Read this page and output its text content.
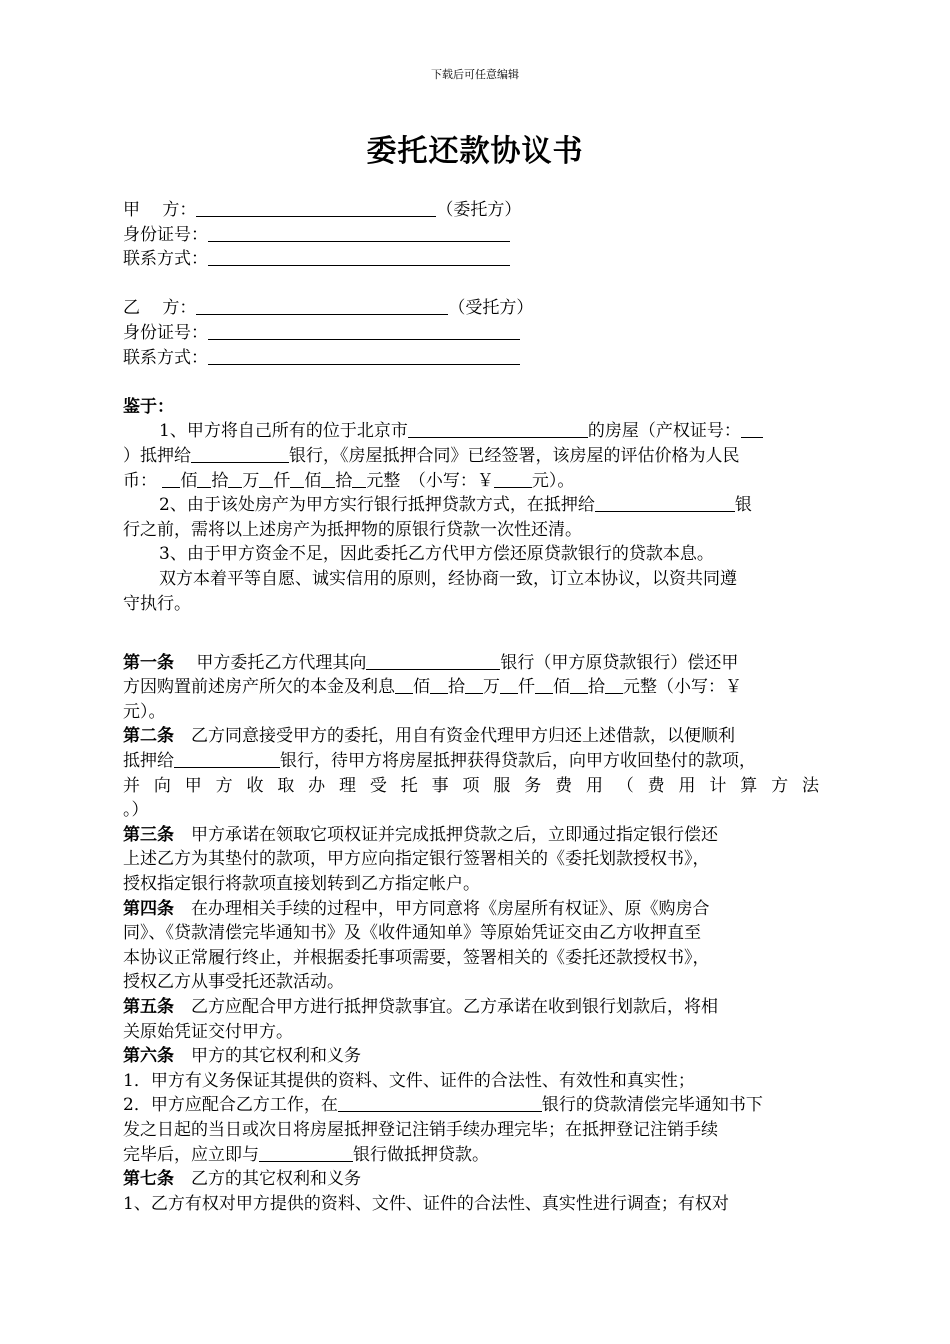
下载后可任意编辑
委托还款协议书
甲　 方：	（委托方）
身份证号：
联系方式：
乙　 方：	（受托方）
身份证号：
联系方式：
鉴于：
1、甲方将自己所有的位于北京市	的房屋（产权证号：
）抵押给	银行，《房屋抵押合同》已经签署，该房屋的评估价格为人民
币： 佰 拾 万 仟 佰 拾 元整　（小写：￥ 元）。
2、由于该处房产为甲方实行银行抵押贷款方式，在抵押给	银
行之前，需将以上述房产为抵押物的原银行贷款一次性还清。
3、由于甲方资金不足，因此委托乙方代甲方偿还原贷款银行的贷款本息。
双方本着平等自愿、诚实信用的原则，经协商一致，订立本协议，以资共同遵
守执行。
第一条　 甲方委托乙方代理其向	银行（甲方原贷款银行）偿还甲
方因购置前述房产所欠的本金及利息 佰 拾 万 仟 佰 拾 元整（小写：￥
元）。
第二条　乙方同意接受甲方的委托，用自有资金代理甲方归还上述借款，以便顺利
抵押给	银行，待甲方将房屋抵押获得贷款后，向甲方收回垫付的款项，
并向甲方收取办理受托事项服务费用（费用计算方法
。）
第三条　甲方承诺在领取它项权证并完成抵押贷款之后，立即通过指定银行偿还
上述乙方为其垫付的款项，甲方应向指定银行签署相关的《委托划款授权书》，
授权指定银行将款项直接划转到乙方指定帐户。
第四条　在办理相关手续的过程中，甲方同意将《房屋所有权证》、原《购房合
同》、《贷款清偿完毕通知书》及《收件通知单》等原始凭证交由乙方收押直至
本协议正常履行终止，并根据委托事项需要，签署相关的《委托还款授权书》，
授权乙方从事受托还款活动。
第五条　乙方应配合甲方进行抵押贷款事宜。乙方承诺在收到银行划款后，将相
关原始凭证交付甲方。
第六条　甲方的其它权利和义务
1．甲方有义务保证其提供的资料、文件、证件的合法性、有效性和真实性；
2．甲方应配合乙方工作，在	银行的贷款清偿完毕通知书下
发之日起的当日或次日将房屋抵押登记注销手续办理完毕；在抵押登记注销手续
完毕后，应立即与	银行做抵押贷款。
第七条　乙方的其它权利和义务
1、乙方有权对甲方提供的资料、文件、证件的合法性、真实性进行调查；有权对
